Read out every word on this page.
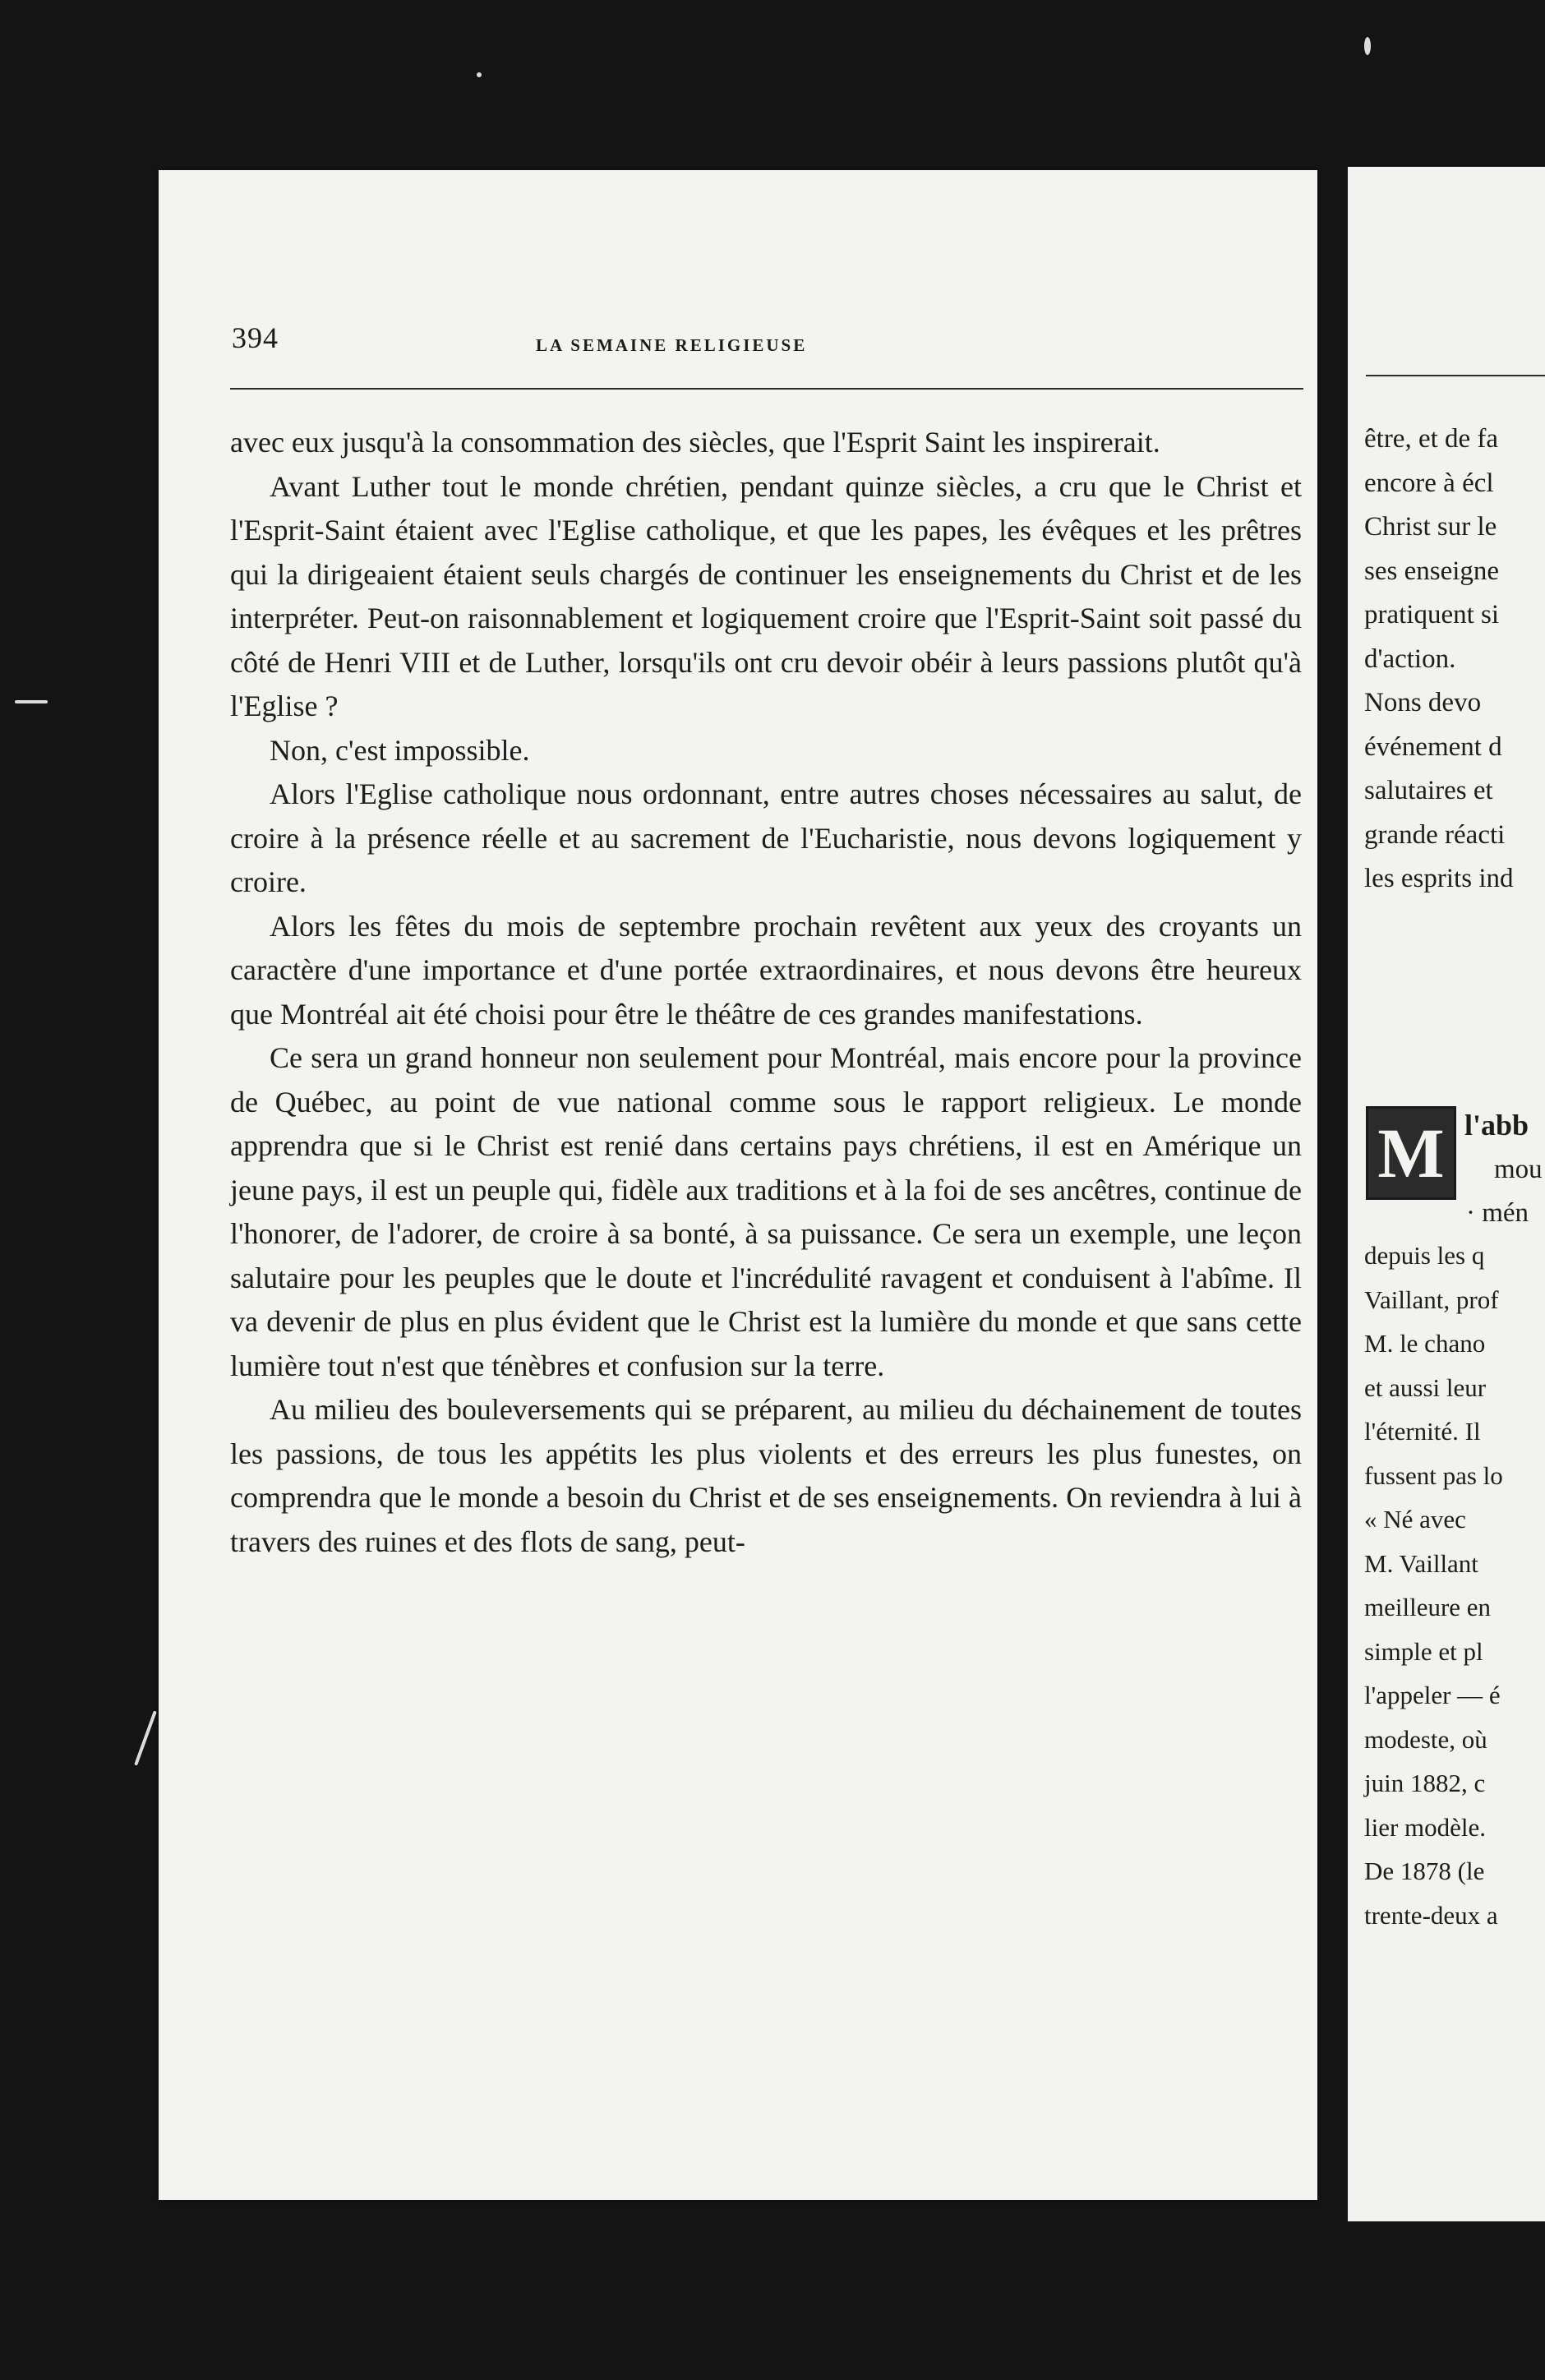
être, et de fa
encore à écl
Christ sur le
ses enseigne
pratiquent si
d'action.
Nons devo
événement d
salutaires et
grande réacti
les esprits ind
M l'abb
mou
· mén
depuis les q
Vaillant, prof
M. le chano
et aussi leur
l'éternité. Il
fussent pas lo
« Né avec
M. Vaillant
meilleure en
simple et pl
l'appeler — é
modeste, où
juin 1882, c
lier modèle.
De 1878 (le
trente-deux a
394	LA SEMAINE RELIGIEUSE

avec eux jusqu'à la consommation des siècles, que l'Esprit Saint les inspirerait.

Avant Luther tout le monde chrétien, pendant quinze siècles, a cru que le Christ et l'Esprit-Saint étaient avec l'Eglise catholique, et que les papes, les évêques et les prêtres qui la dirigeaient étaient seuls chargés de continuer les enseignements du Christ et de les interpréter. Peut-on raisonnablement et logiquement croire que l'Esprit-Saint soit passé du côté de Henri VIII et de Luther, lorsqu'ils ont cru devoir obéir à leurs passions plutôt qu'à l'Eglise ?

Non, c'est impossible.

Alors l'Eglise catholique nous ordonnant, entre autres choses nécessaires au salut, de croire à la présence réelle et au sacrement de l'Eucharistie, nous devons logiquement y croire.

Alors les fêtes du mois de septembre prochain revêtent aux yeux des croyants un caractère d'une importance et d'une portée extraordinaires, et nous devons être heureux que Montréal ait été choisi pour être le théâtre de ces grandes manifestations.

Ce sera un grand honneur non seulement pour Montréal, mais encore pour la province de Québec, au point de vue national comme sous le rapport religieux. Le monde apprendra que si le Christ est renié dans certains pays chrétiens, il est en Amérique un jeune pays, il est un peuple qui, fidèle aux traditions et à la foi de ses ancêtres, continue de l'honorer, de l'adorer, de croire à sa bonté, à sa puissance. Ce sera un exemple, une leçon salutaire pour les peuples que le doute et l'incrédulité ravagent et conduisent à l'abîme. Il va devenir de plus en plus évident que le Christ est la lumière du monde et que sans cette lumière tout n'est que ténèbres et confusion sur la terre.

Au milieu des bouleversements qui se préparent, au milieu du déchainement de toutes les passions, de tous les appétits les plus violents et des erreurs les plus funestes, on comprendra que le monde a besoin du Christ et de ses enseignements. On reviendra à lui à travers des ruines et des flots de sang, peut-
